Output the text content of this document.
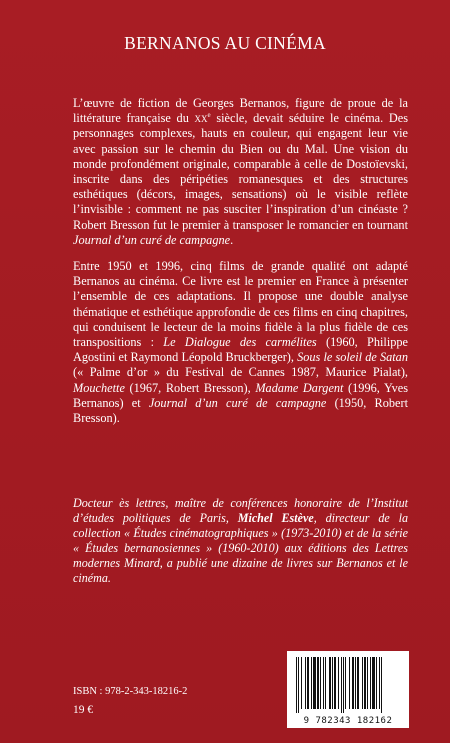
BERNANOS AU CINÉMA

L’œuvre de fiction de Georges Bernanos, figure de proue de la littérature française du $xx^e$ siècle, devait séduire le cinéma. Des personnages complexes, hauts en couleur, qui engagent leur vie avec passion sur le chemin du Bien ou du Mal. Une vision du monde profondément originale, comparable à celle de Dostoïevski, inscrite dans des péripéties romanesques et des structures esthétiques (décors, images, sensations) où le visible reflète l’invisible : comment ne pas susciter l’inspiration d’un cinéaste ? Robert Bresson fut le premier à transposer le romancier en tournant Journal d’un curé de campagne.

Entre 1950 et 1996, cinq films de grande qualité ont adapté Bernanos au cinéma. Ce livre est le premier en France à présenter l’ensemble de ces adaptations. Il propose une double analyse thématique et esthétique approfondie de ces films en cinq chapitres, qui conduisent le lecteur de la moins fidèle à la plus fidèle de ces transpositions : Le Dialogue des carmélites (1960, Philippe Agostini et Raymond Léopold Bruckberger), Sous le soleil de Satan (« Palme d’or » du Festival de Cannes 1987, Maurice Pialat), Mouchette (1967, Robert Bresson), Madame Dargent (1996, Yves Bernanos) et Journal d’un curé de campagne (1950, Robert Bresson).

Docteur ès lettres, maître de conférences honoraire de l’Institut d’études politiques de Paris, Michel Estève, directeur de la collection « Études cinématographiques » (1973-2010) et de la série « Études bernanosiennes » (1960-2010) aux éditions des Lettres modernes Minard, a publié une dizaine de livres sur Bernanos et le cinéma.

ISBN : 978-2-343-18216-2

19 €

9 782343 182162
